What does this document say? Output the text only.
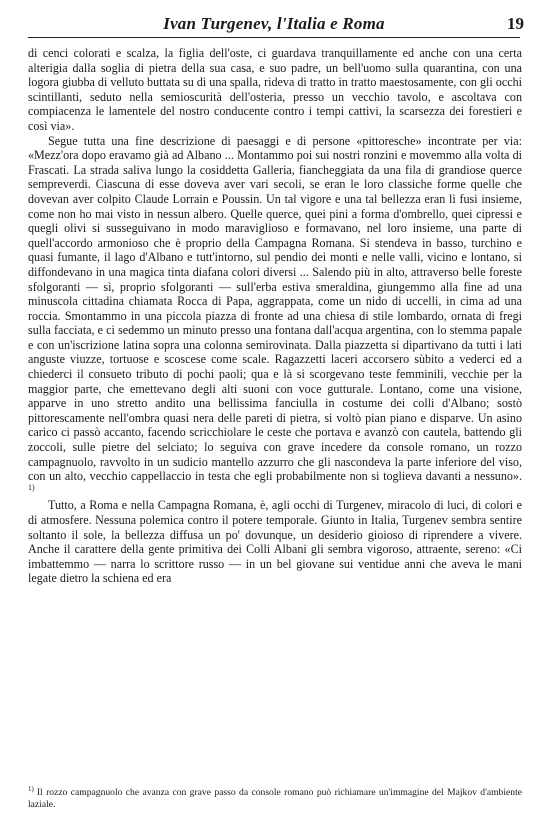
Ivan Turgenev, l'Italia e Roma	19

di cenci colorati e scalza, la figlia dell'oste, ci guardava tranquillamente ed anche con una certa alterigia dalla soglia di pietra della sua casa, e suo padre, un bell'uomo sulla quarantina, con una logora giubba di velluto buttata su di una spalla, rideva di tratto in tratto maestosamente, con gli occhi scintillanti, seduto nella semioscurità dell'osteria, presso un vecchio tavolo, e ascoltava con compiacenza le lamentele del nostro conducente contro i tempi cattivi, la scarsezza dei forestieri e così via».

Segue tutta una fine descrizione di paesaggi e di persone «pittoresche» incontrate per via: «Mezz'ora dopo eravamo già ad Albano ... Montammo poi sui nostri ronzini e movemmo alla volta di Frascati. La strada saliva lungo la cosiddetta Galleria, fiancheggiata da una fila di grandiose querce sempreverdi. Ciascuna di esse doveva aver vari secoli, se eran le loro classiche forme quelle che dovevan aver colpito Claude Lorrain e Poussin. Un tal vigore e una tal bellezza eran lì fusi insieme, come non ho mai visto in nessun albero. Quelle querce, quei pini a forma d'ombrello, quei cipressi e quegli olivi si susseguivano in modo maraviglioso e formavano, nel loro insieme, una parte di quell'accordo armonioso che è proprio della Campagna Romana. Si stendeva in basso, turchino e quasi fumante, il lago d'Albano e tutt'intorno, sul pendio dei monti e nelle valli, vicino e lontano, si diffondevano in una magica tinta diafana colori diversi ... Salendo più in alto, attraverso belle foreste sfolgoranti — sì, proprio sfolgoranti — sull'erba estiva smeraldina, giungemmo alla fine ad una minuscola cittadina chiamata Rocca di Papa, aggrappata, come un nido di uccelli, in cima ad una roccia. Smontammo in una piccola piazza di fronte ad una chiesa di stile lombardo, ornata di fregi sulla facciata, e ci sedemmo un minuto presso una fontana dall'acqua argentina, con lo stemma papale e con un'iscrizione latina sopra una colonna semirovinata. Dalla piazzetta si dipartivano da tutti i lati anguste viuzze, tortuose e scoscese come scale. Ragazzetti laceri accorsero sùbito a vederci ed a chiederci il consueto tributo di pochi paoli; qua e là si scorgevano teste femminili, vecchie per la maggior parte, che emettevano degli alti suoni con voce gutturale. Lontano, come una visione, apparve in uno stretto andito una bellissima fanciulla in costume dei colli d'Albano; sostò pittorescamente nell'ombra quasi nera delle pareti di pietra, si voltò pian piano e disparve. Un asino carico ci passò accanto, facendo scricchiolare le ceste che portava e avanzò con cautela, battendo gli zoccoli, sulle pietre del selciato; lo seguiva con grave incedere da console romano, un rozzo campagnuolo, ravvolto in un sudicio mantello azzurro che gli nascondeva la parte inferiore del viso, con un alto, vecchio cappellaccio in testa che egli probabilmente non si toglieva davanti a nessuno». $^{1)}$

Tutto, a Roma e nella Campagna Romana, è, agli occhi di Turgenev, miracolo di luci, di colori e di atmosfere. Nessuna polemica contro il potere temporale. Giunto in Italia, Turgenev sembra sentire soltanto il sole, la bellezza diffusa un po' dovunque, un desiderio gioioso di riprendere a vivere. Anche il carattere della gente primitiva dei Colli Albani gli sembra vigoroso, attraente, sereno: «Ci imbattemmo — narra lo scrittore russo — in un bel giovane sui ventidue anni che aveva le mani legate dietro la schiena ed era

$^{1)}$ Il rozzo campagnuolo che avanza con grave passo da console romano può richiamare un'immagine del Majkov d'ambiente laziale.
